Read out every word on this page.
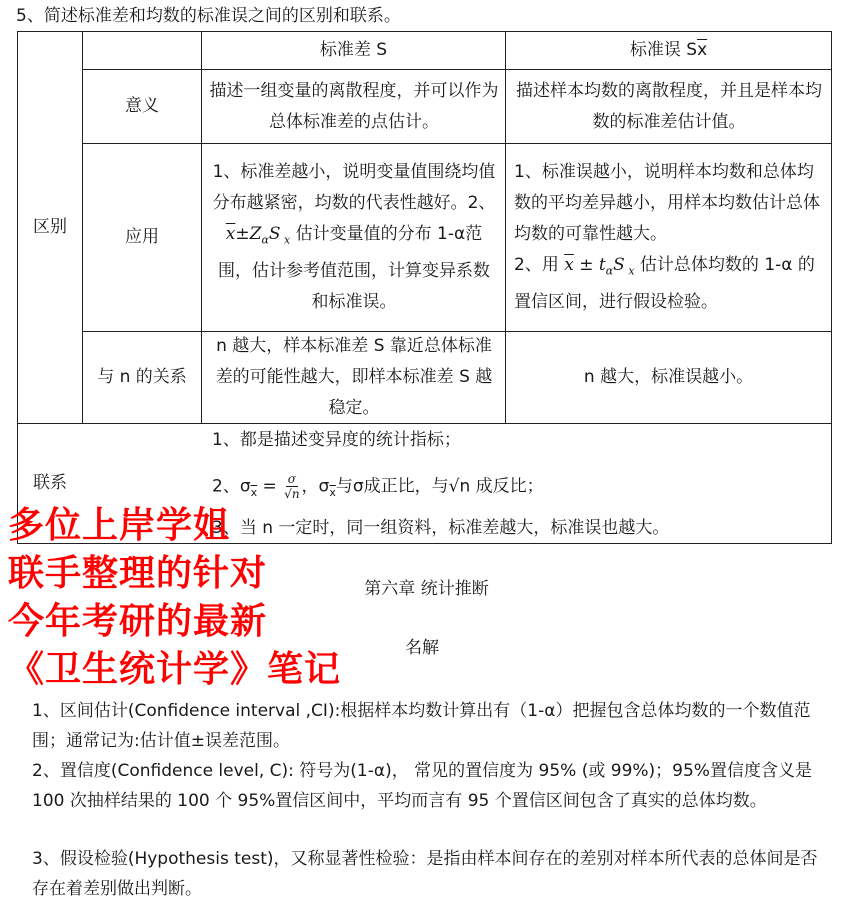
5、简述标准差和均数的标准误之间的区别和联系。
标准差 S	标准误 S $\overline{x}$
区别
意义
描述一组变量的离散程度，并可以作为总体标准差的点估计。
描述样本均数的离散程度，并且是样本均数的标准差估计值。
应用
1、标准差越小，说明变量值围绕均值分布越紧密，均数的代表性越好。2、$\overline{x}\pm Z_\alpha S$ $_x$ 估计变量值的分布 1-α范围，估计参考值范围，计算变异系数和标准误。
1、标准误越小，说明样本均数和总体均数的平均差异越小，用样本均数估计总体均数的可靠性越大。
2、用 $\overline{x} \pm t_\alpha S$ $_x$ 估计总体均数的 1-α 的置信区间，进行假设检验。
与 n 的关系
n 越大，样本标准差 S 靠近总体标准差的可能性越大，即样本标准差 S 越稳定。
n 越大，标准误越小。
联系
1、都是描述变异度的统计指标；
2、$\sigma_{\overline{x}} = \frac{\sigma}{√n}$ ，$\sigma_{\overline{x}}$与σ成正比，与√n 成反比；
3、当 n 一定时，同一组资料，标准差越大，标准误也越大。
多位上岸学姐
联手整理的针对
今年考研的最新
《卫生统计学》笔记
第六章 统计推断
名解
1、区间估计(Confidence interval ,CI):根据样本均数计算出有（1-α）把握包含总体均数的一个数值范围；通常记为:估计值±误差范围。
2、置信度(Confidence level, C): 符号为(1-α)， 常见的置信度为 95% (或 99%)；95%置信度含义是 100 次抽样结果的 100 个 95%置信区间中，平均而言有 95 个置信区间包含了真实的总体均数。
3、假设检验(Hypothesis test)，又称显著性检验：是指由样本间存在的差别对样本所代表的总体间是否存在着差别做出判断。
